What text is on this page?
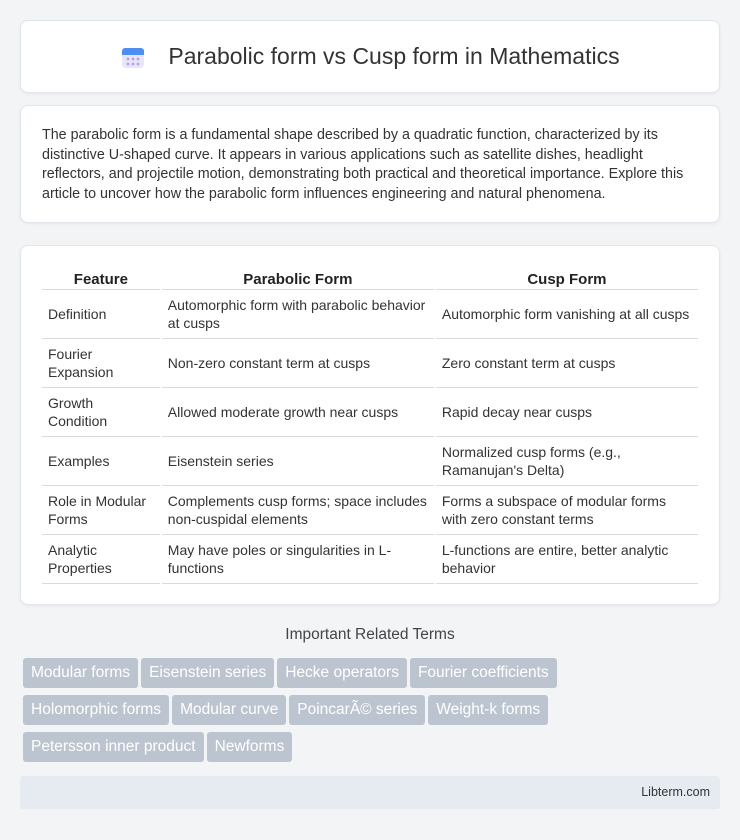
Parabolic form vs Cusp form in Mathematics

The parabolic form is a fundamental shape described by a quadratic function, characterized by its distinctive U-shaped curve. It appears in various applications such as satellite dishes, headlight reflectors, and projectile motion, demonstrating both practical and theoretical importance. Explore this article to uncover how the parabolic form influences engineering and natural phenomena.

Feature	Parabolic Form	Cusp Form
Definition	Automorphic form with parabolic behavior at cusps	Automorphic form vanishing at all cusps
Fourier Expansion	Non-zero constant term at cusps	Zero constant term at cusps
Growth Condition	Allowed moderate growth near cusps	Rapid decay near cusps
Examples	Eisenstein series	Normalized cusp forms (e.g., Ramanujan's Delta)
Role in Modular Forms	Complements cusp forms; space includes non-cuspidal elements	Forms a subspace of modular forms with zero constant terms
Analytic Properties	May have poles or singularities in L-functions	L-functions are entire, better analytic behavior
Important Related Terms
Modular forms Eisenstein series Hecke operators Fourier coefficients
Holomorphic forms Modular curve PoincarÃ© series Weight-k forms
Petersson inner product Newforms
Libterm.com
